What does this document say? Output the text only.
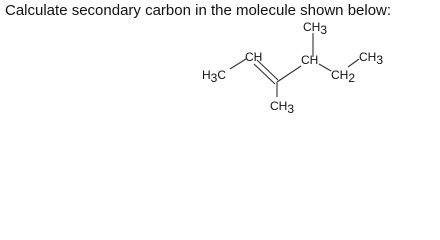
Calculate secondary carbon in the molecule shown below:
CH3
H3C
CH	CH
CH2
CH3
CH3
